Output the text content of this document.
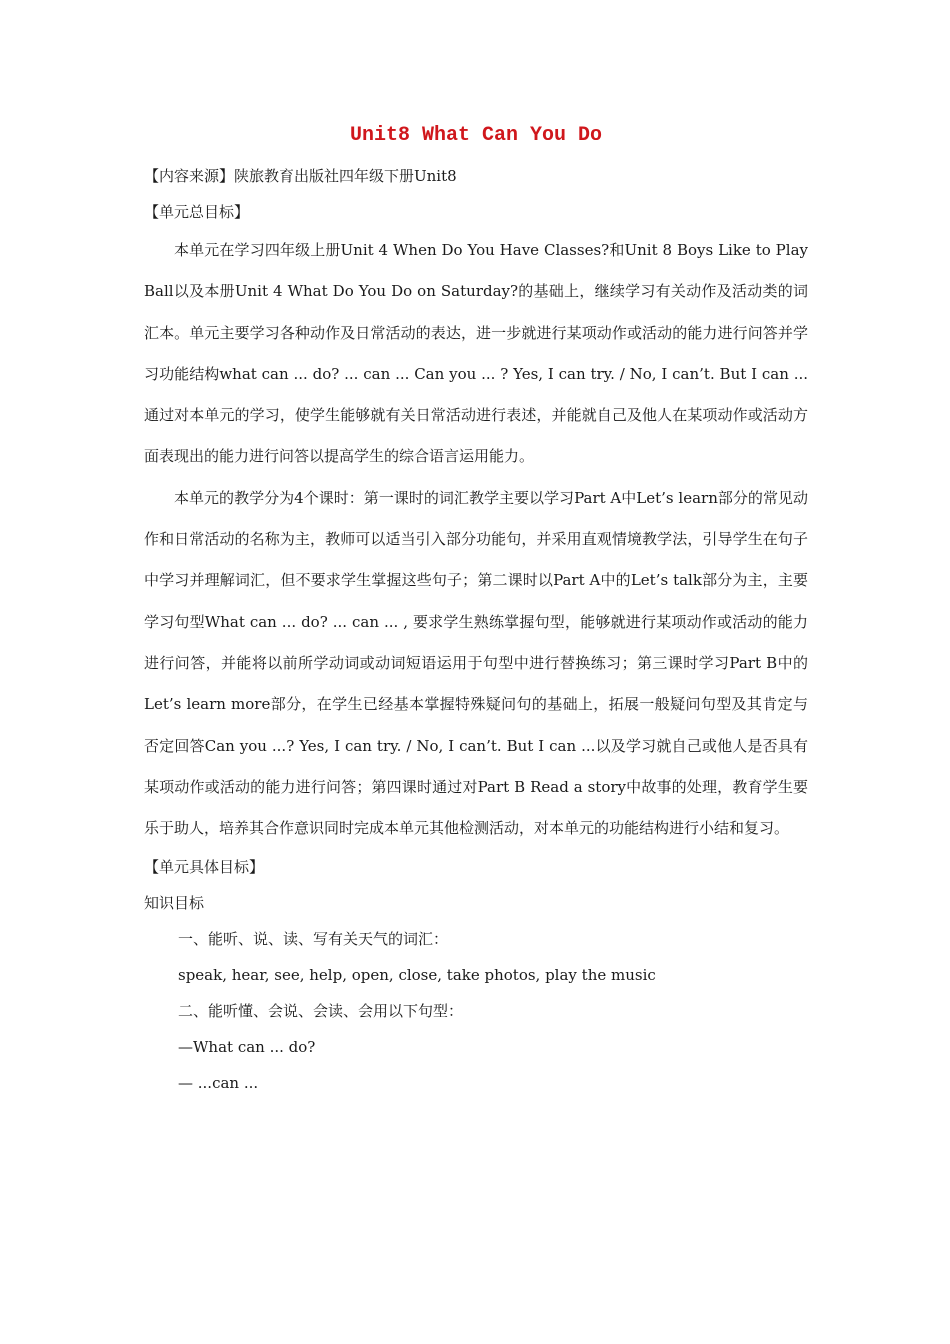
Unit8 What Can You Do

【内容来源】陕旅教育出版社四年级下册Unit8

【单元总目标】

本单元在学习四年级上册Unit 4 When Do You Have Classes?和Unit 8 Boys Like to Play Ball以及本册Unit 4 What Do You Do on Saturday?的基础上，继续学习有关动作及活动类的词汇本。单元主要学习各种动作及日常活动的表达，进一步就进行某项动作或活动的能力进行问答并学习功能结构what can ... do? ... can ... Can you ... ? Yes, I can try. / No, I can’t. But I can ... 通过对本单元的学习，使学生能够就有关日常活动进行表述，并能就自己及他人在某项动作或活动方面表现出的能力进行问答以提高学生的综合语言运用能力。

本单元的教学分为4个课时：第一课时的词汇教学主要以学习Part A中Let’s learn部分的常见动作和日常活动的名称为主，教师可以适当引入部分功能句，并采用直观情境教学法，引导学生在句子中学习并理解词汇，但不要求学生掌握这些句子；第二课时以Part A中的Let’s talk部分为主，主要学习句型What can ... do? ... can ... , 要求学生熟练掌握句型，能够就进行某项动作或活动的能力进行问答，并能将以前所学动词或动词短语运用于句型中进行替换练习；第三课时学习Part B中的Let’s learn more部分，在学生已经基本掌握特殊疑问句的基础上，拓展一般疑问句型及其肯定与否定回答Can you ...? Yes, I can try. / No, I can’t. But I can ...以及学习就自己或他人是否具有某项动作或活动的能力进行问答；第四课时通过对Part B Read a story中故事的处理，教育学生要乐于助人，培养其合作意识同时完成本单元其他检测活动，对本单元的功能结构进行小结和复习。

【单元具体目标】

知识目标

一、能听、说、读、写有关天气的词汇：

speak, hear, see, help, open, close, take photos, play the music

二、能听懂、会说、会读、会用以下句型：

—What can ... do?

— ...can ...
